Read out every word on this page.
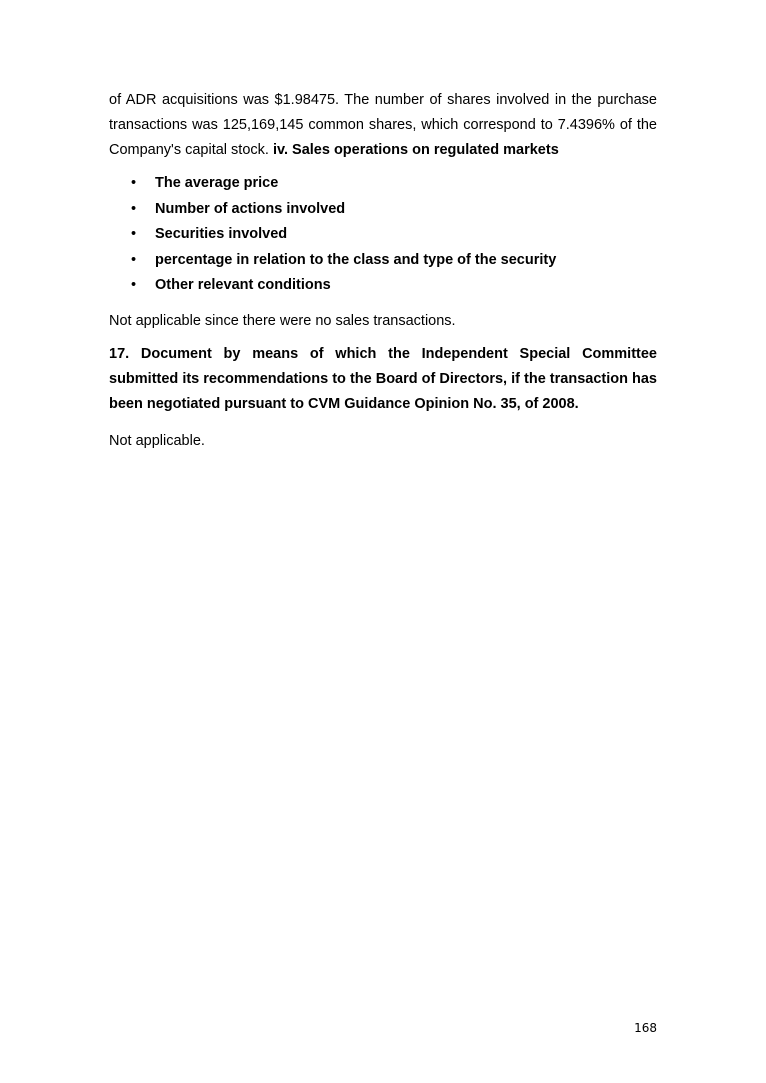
of ADR acquisitions was $1.98475. The number of shares involved in the purchase transactions was 125,169,145 common shares, which correspond to 7.4396% of the Company's capital stock. iv. Sales operations on regulated markets

• The average price
• Number of actions involved
• Securities involved
• percentage in relation to the class and type of the security
• Other relevant conditions

Not applicable since there were no sales transactions.

17. Document by means of which the Independent Special Committee submitted its recommendations to the Board of Directors, if the transaction has been negotiated pursuant to CVM Guidance Opinion No. 35, of 2008.

Not applicable.

168
